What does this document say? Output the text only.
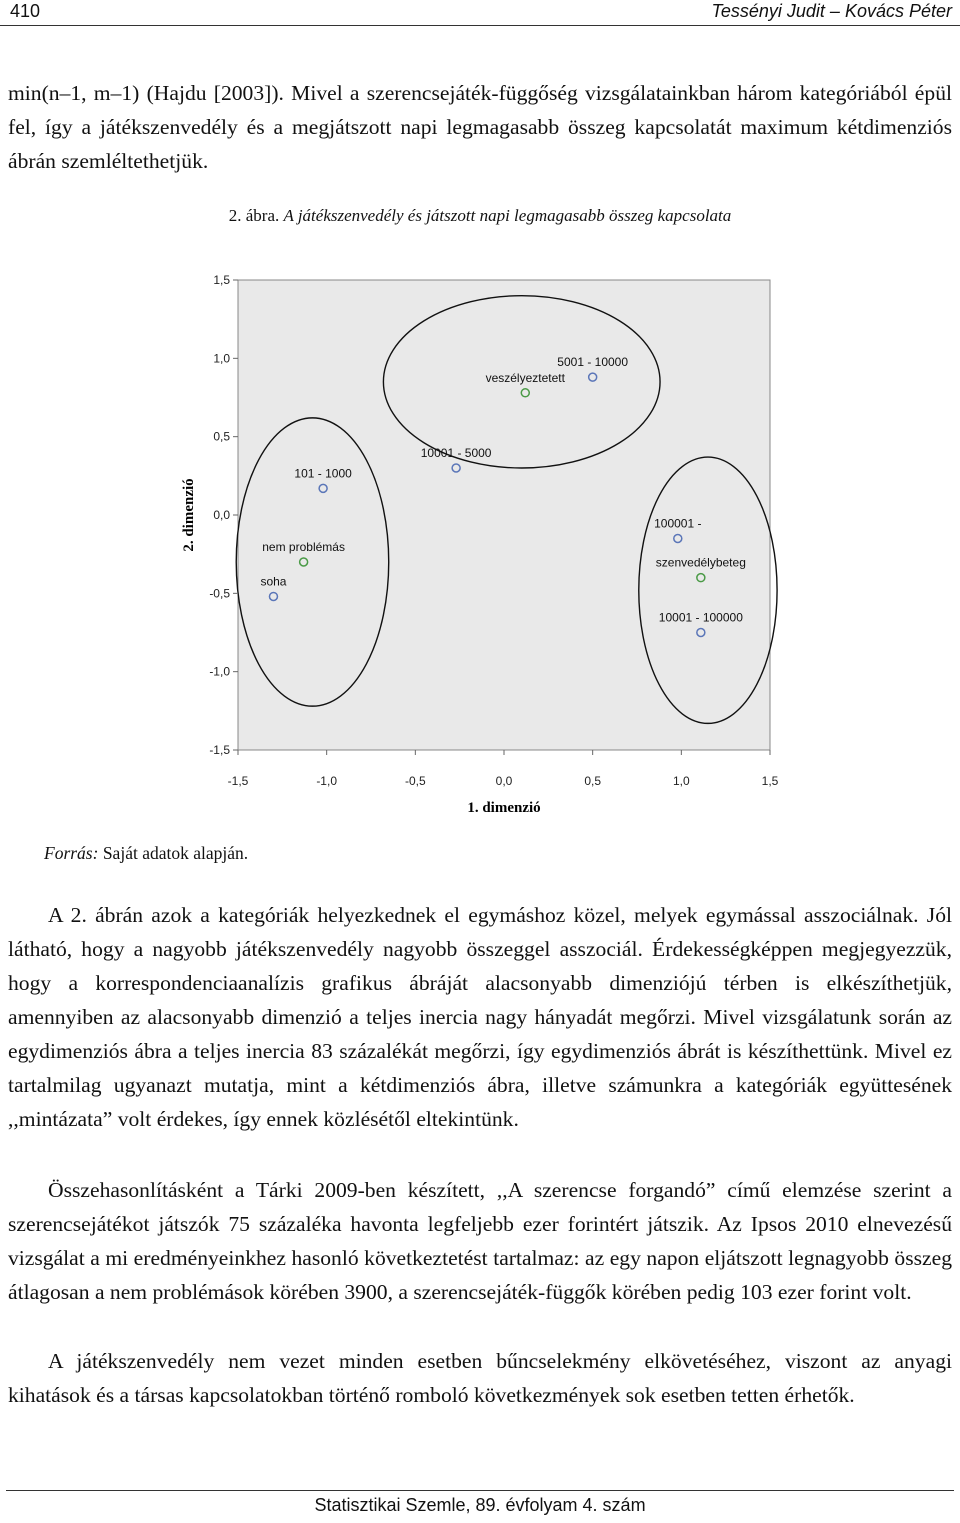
410	Tessényi Judit – Kovács Péter

min(n–1, m–1) (Hajdu [2003]). Mivel a szerencsejáték-függőség vizsgálatainkban három kategóriából épül fel, így a játékszenvedély és a megjátszott napi legmagasabb összeg kapcsolatát maximum kétdimenziós ábrán szemléltethetjük.

2. ábra. A játékszenvedély és játszott napi legmagasabb összeg kapcsolata
-1,5	-1,0	-0,5	0,0	0,5	1,0	1,5
1,5
1,0
0,5
0,0
-0,5
-1,0
-1,5
5001 - 10000
veszélyeztetett
10001 - 5000
101 - 1000
nem problémás
soha
100001 -
szenvedélybeteg
10001 - 100000
1. dimenzió
2. dimenzió
Forrás: Saját adatok alapján.

A 2. ábrán azok a kategóriák helyezkednek el egymáshoz közel, melyek egymással asszociálnak. Jól látható, hogy a nagyobb játékszenvedély nagyobb összeggel asszociál. Érdekességképpen megjegyezzük, hogy a korrespondenciaanalízis grafikus ábráját alacsonyabb dimenziójú térben is elkészíthetjük, amennyiben az alacsonyabb dimenzió a teljes inercia nagy hányadát megőrzi. Mivel vizsgálatunk során az egydimenziós ábra a teljes inercia 83 százalékát megőrzi, így egydimenziós ábrát is készíthettünk. Mivel ez tartalmilag ugyanazt mutatja, mint a kétdimenziós ábra, illetve számunkra a kategóriák együttesének ,,mintázata” volt érdekes, így ennek közlésétől eltekintünk.

Összehasonlításként a Tárki 2009-ben készített, ,,A szerencse forgandó” című elemzése szerint a szerencsejátékot játszók 75 százaléka havonta legfeljebb ezer forintért játszik. Az Ipsos 2010 elnevezésű vizsgálat a mi eredményeinkhez hasonló következtetést tartalmaz: az egy napon eljátszott legnagyobb összeg átlagosan a nem problémások körében 3900, a szerencsejáték-függők körében pedig 103 ezer forint volt.

A játékszenvedély nem vezet minden esetben bűncselekmény elkövetéséhez, viszont az anyagi kihatások és a társas kapcsolatokban történő romboló következmények sok esetben tetten érhetők.

Statisztikai Szemle, 89. évfolyam 4. szám
